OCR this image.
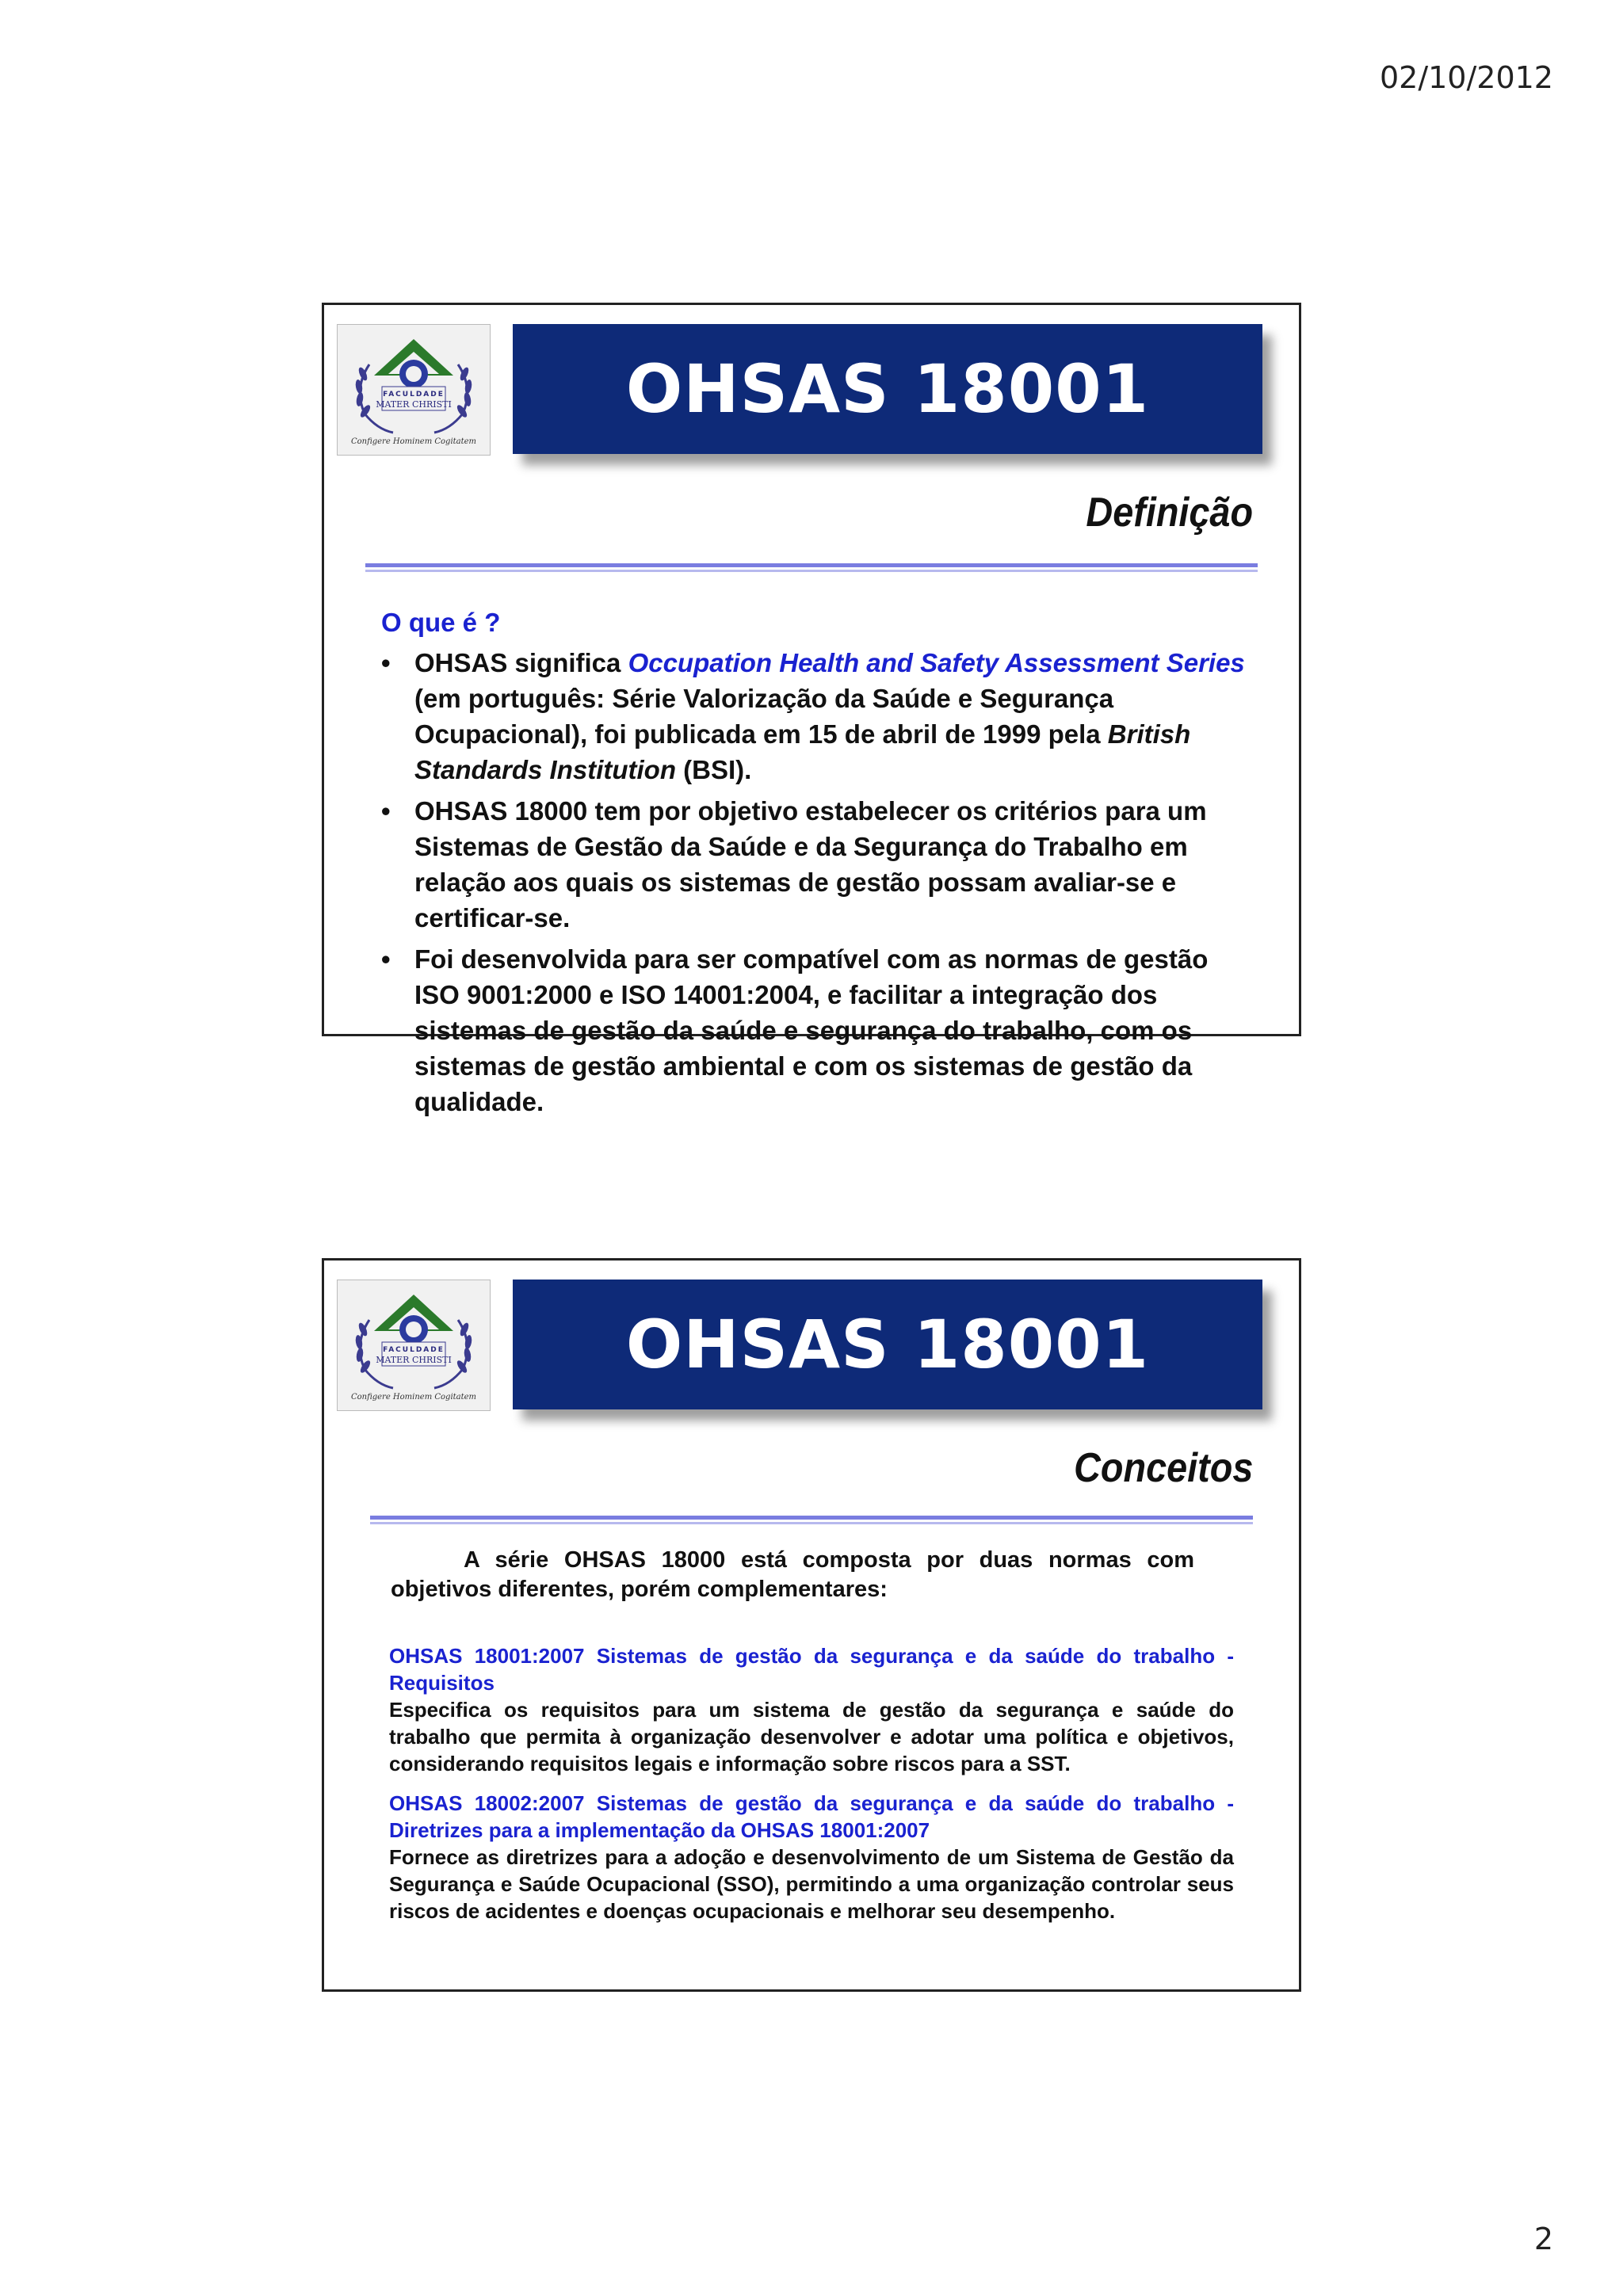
02/10/2012
FACULDADE
MATER CHRISTI
Configere Hominem Cogitatem
OHSAS 18001
Definição
O que é ?
• OHSAS significa Occupation Health and Safety Assessment Series (em português: Série Valorização da Saúde e Segurança Ocupacional), foi publicada em 15 de abril de 1999 pela British Standards Institution (BSI).
• OHSAS 18000 tem por objetivo estabelecer os critérios para um Sistemas de Gestão da Saúde e da Segurança do Trabalho em relação aos quais os sistemas de gestão possam avaliar-se e certificar-se.
• Foi desenvolvida para ser compatível com as normas de gestão ISO 9001:2000 e ISO 14001:2004, e facilitar a integração dos sistemas de gestão da saúde e segurança do trabalho, com os sistemas de gestão ambiental e com os sistemas de gestão da qualidade.
FACULDADE
MATER CHRISTI
Configere Hominem Cogitatem
OHSAS 18001
Conceitos
A série OHSAS 18000 está composta por duas normas com objetivos diferentes, porém complementares:
OHSAS 18001:2007 Sistemas de gestão da segurança e da saúde do trabalho - Requisitos
Especifica os requisitos para um sistema de gestão da segurança e saúde do trabalho que permita à organização desenvolver e adotar uma política e objetivos, considerando requisitos legais e informação sobre riscos para a SST.
OHSAS 18002:2007 Sistemas de gestão da segurança e da saúde do trabalho - Diretrizes para a implementação da OHSAS 18001:2007
Fornece as diretrizes para a adoção e desenvolvimento de um Sistema de Gestão da Segurança e Saúde Ocupacional (SSO), permitindo a uma organização controlar seus riscos de acidentes e doenças ocupacionais e melhorar seu desempenho.
2
